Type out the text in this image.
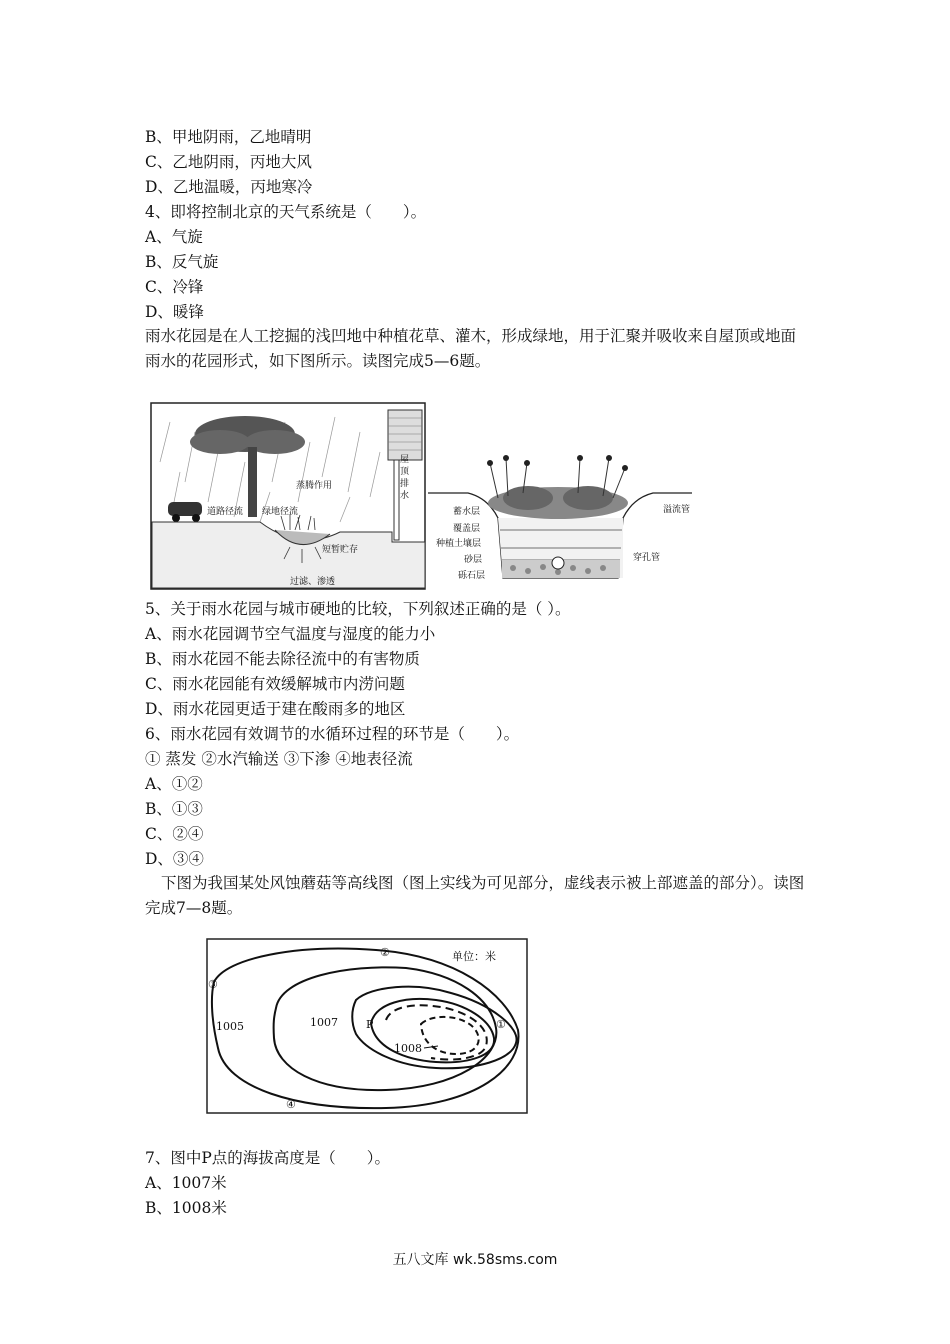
B、甲地阴雨，乙地晴明
C、乙地阴雨，丙地大风
D、乙地温暖，丙地寒冷
4、即将控制北京的天气系统是（　　）。
A、气旋
B、反气旋
C、冷锋
D、暖锋
雨水花园是在人工挖掘的浅凹地中种植花草、灌木，形成绿地，用于汇聚并吸收来自屋顶或地面雨水的花园形式，如下图所示。读图完成5—6题。
屋
顶
排
水
蒸腾作用
道路径流 绿地径流
短暂贮存
过滤、渗透
蓄水层
覆盖层
种植土壤层
砂层
砾石层
溢流管
穿孔管
5、关于雨水花园与城市硬地的比较，下列叙述正确的是（ ）。
A、雨水花园调节空气温度与湿度的能力小
B、雨水花园不能去除径流中的有害物质
C、雨水花园能有效缓解城市内涝问题
D、雨水花园更适于建在酸雨多的地区
6、雨水花园有效调节的水循环过程的环节是（　　）。
① 蒸发 ②水汽输送 ③下渗 ④地表径流
A、①②
B、①③
C、②④
D、③④
下图为我国某处风蚀蘑菇等高线图（图上实线为可见部分，虚线表示被上部遮盖的部分）。读图完成7—8题。
单位：米
②
③
①
④
1005	1007
1008
P
7、图中P点的海拔高度是（　　）。
A、1007米
B、1008米
五八文库 wk.58sms.com
